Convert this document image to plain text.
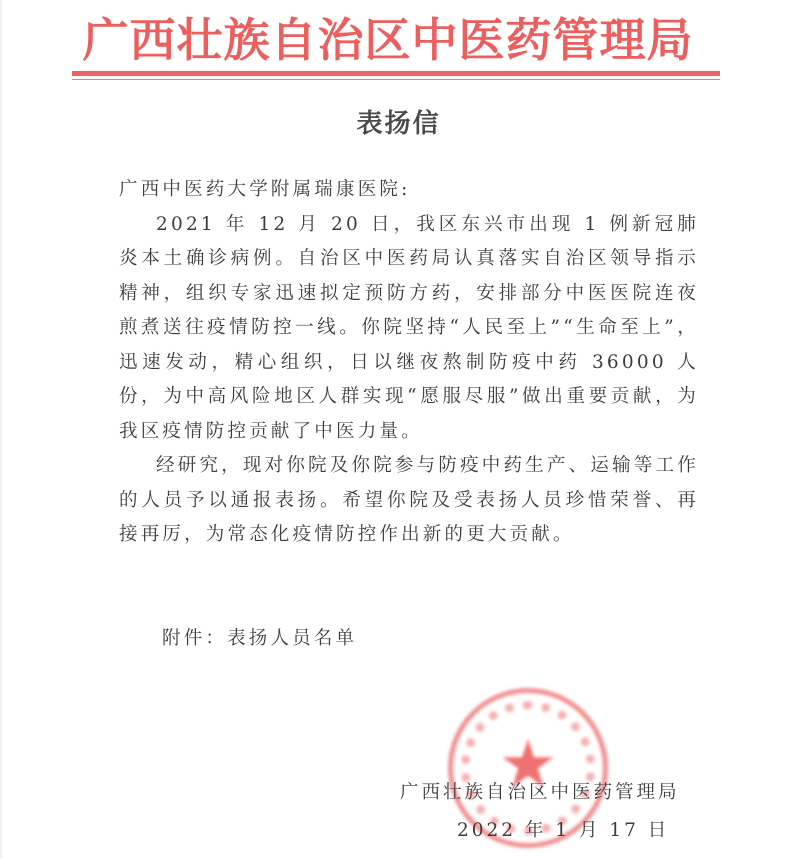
广西壮族自治区中医药管理局
表扬信

广西中医药大学附属瑞康医院:

2021 年 12 月 20 日，我区东兴市出现 1 例新冠肺炎本土确诊病例。自治区中医药局认真落实自治区领导指示精神，组织专家迅速拟定预防方药，安排部分中医医院连夜煎煮送往疫情防控一线。你院坚持“人民至上”“生命至上”，迅速发动，精心组织，日以继夜熬制防疫中药 36000 人份，为中高风险地区人群实现“愿服尽服”做出重要贡献，为我区疫情防控贡献了中医力量。

经研究，现对你院及你院参与防疫中药生产、运输等工作的人员予以通报表扬。希望你院及受表扬人员珍惜荣誉、再接再厉，为常态化疫情防控作出新的更大贡献。

附件：表扬人员名单
广西壮族自治区中医药管理局
2022 年 1 月 17 日
